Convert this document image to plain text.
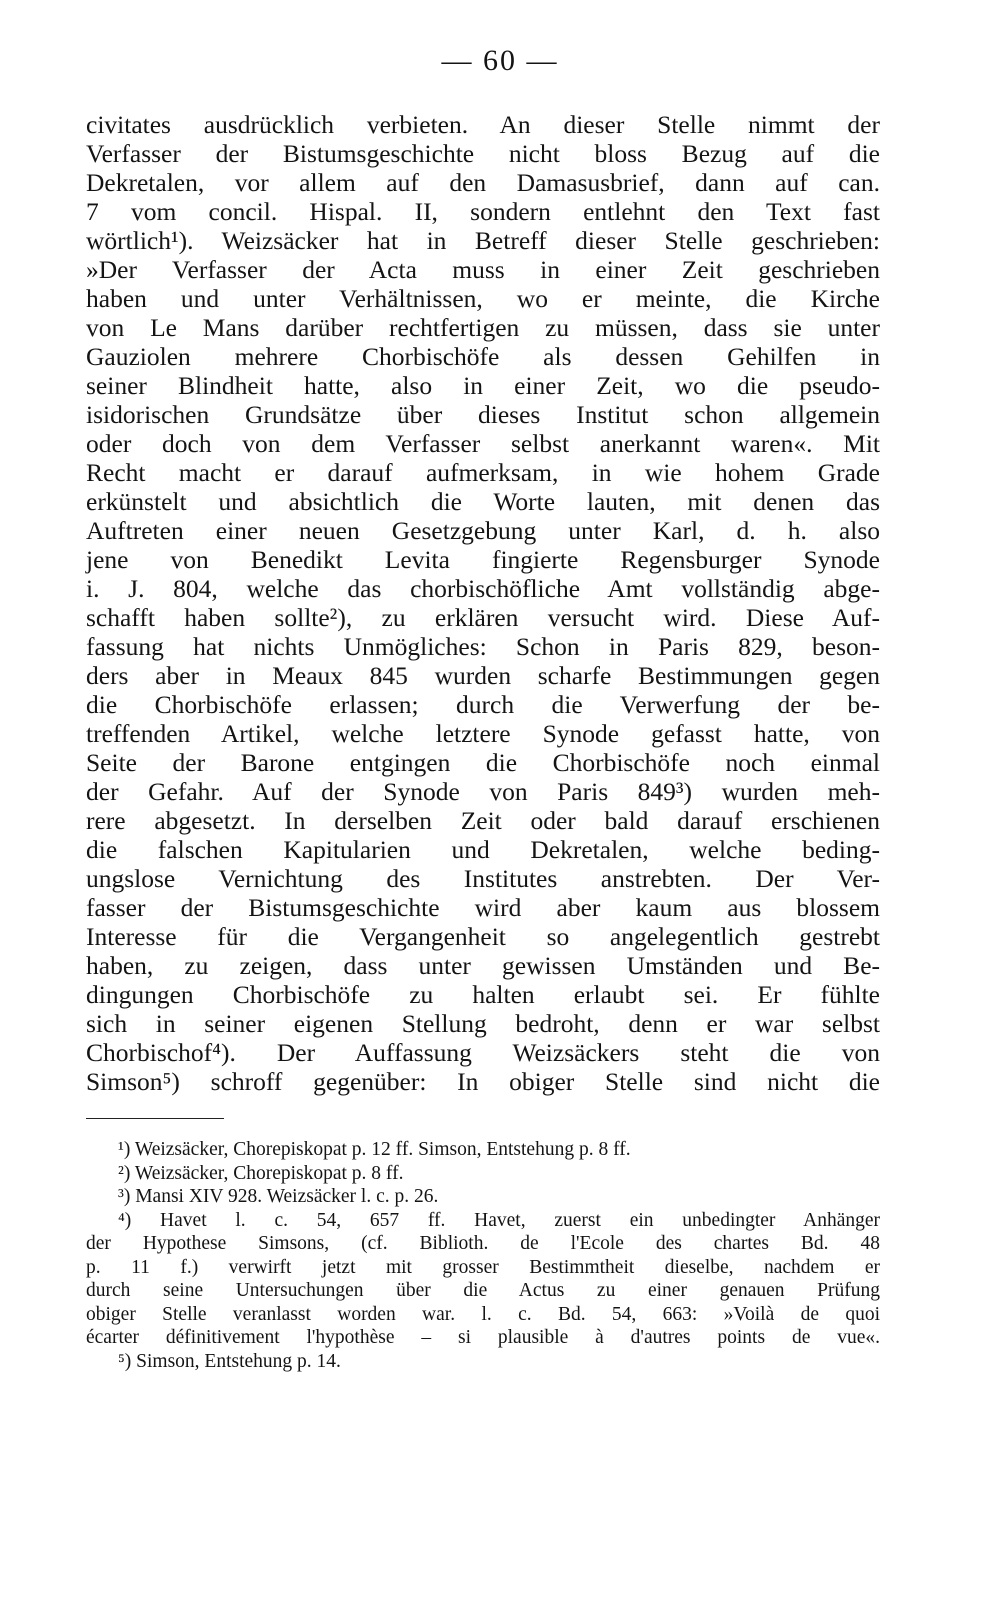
— 60 —
civitates ausdrücklich verbieten. An dieser Stelle nimmt der
Verfasser der Bistumsgeschichte nicht bloss Bezug auf die
Dekretalen, vor allem auf den Damasusbrief, dann auf can.
7 vom concil. Hispal. II, sondern entlehnt den Text fast
wörtlich¹). Weizsäcker hat in Betreff dieser Stelle geschrieben:
»Der Verfasser der Acta muss in einer Zeit geschrieben
haben und unter Verhältnissen, wo er meinte, die Kirche
von Le Mans darüber rechtfertigen zu müssen, dass sie unter
Gauziolen mehrere Chorbischöfe als dessen Gehilfen in
seiner Blindheit hatte, also in einer Zeit, wo die pseudo-
isidorischen Grundsätze über dieses Institut schon allgemein
oder doch von dem Verfasser selbst anerkannt waren«. Mit
Recht macht er darauf aufmerksam, in wie hohem Grade
erkünstelt und absichtlich die Worte lauten, mit denen das
Auftreten einer neuen Gesetzgebung unter Karl, d. h. also
jene von Benedikt Levita fingierte Regensburger Synode
i. J. 804, welche das chorbischöfliche Amt vollständig abge-
schafft haben sollte²), zu erklären versucht wird. Diese Auf-
fassung hat nichts Unmögliches: Schon in Paris 829, beson-
ders aber in Meaux 845 wurden scharfe Bestimmungen gegen
die Chorbischöfe erlassen; durch die Verwerfung der be-
treffenden Artikel, welche letztere Synode gefasst hatte, von
Seite der Barone entgingen die Chorbischöfe noch einmal
der Gefahr. Auf der Synode von Paris 849³) wurden meh-
rere abgesetzt. In derselben Zeit oder bald darauf erschienen
die falschen Kapitularien und Dekretalen, welche beding-
ungslose Vernichtung des Institutes anstrebten. Der Ver-
fasser der Bistumsgeschichte wird aber kaum aus blossem
Interesse für die Vergangenheit so angelegentlich gestrebt
haben, zu zeigen, dass unter gewissen Umständen und Be-
dingungen Chorbischöfe zu halten erlaubt sei. Er fühlte
sich in seiner eigenen Stellung bedroht, denn er war selbst
Chorbischof⁴). Der Auffassung Weizsäckers steht die von
Simson⁵) schroff gegenüber: In obiger Stelle sind nicht die
¹) Weizsäcker, Chorepiskopat p. 12 ff. Simson, Entstehung p. 8 ff.
²) Weizsäcker, Chorepiskopat p. 8 ff.
³) Mansi XIV 928. Weizsäcker l. c. p. 26.
⁴) Havet l. c. 54, 657 ff. Havet, zuerst ein unbedingter Anhänger
der Hypothese Simsons, (cf. Biblioth. de l'Ecole des chartes Bd. 48
p. 11 f.) verwirft jetzt mit grosser Bestimmtheit dieselbe, nachdem er
durch seine Untersuchungen über die Actus zu einer genauen Prüfung
obiger Stelle veranlasst worden war. l. c. Bd. 54, 663: »Voilà de quoi
écarter définitivement l'hypothèse – si plausible à d'autres points de vue«.
⁵) Simson, Entstehung p. 14.
